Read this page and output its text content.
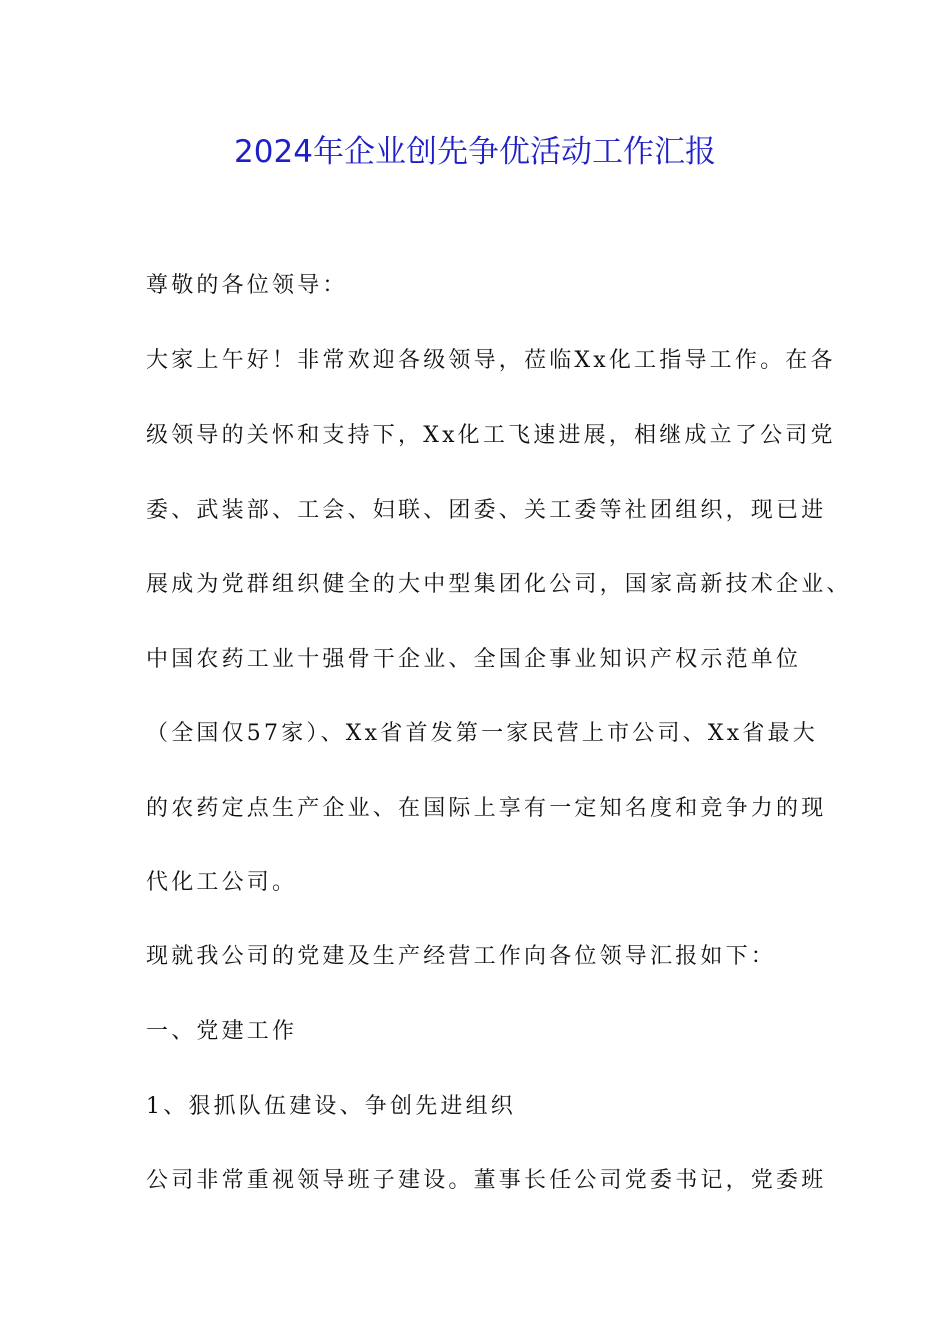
2024年企业创先争优活动工作汇报
尊敬的各位领导：
大家上午好！非常欢迎各级领导，莅临Xx化工指导工作。在各
级领导的关怀和支持下，Xx化工飞速进展，相继成立了公司党
委、武装部、工会、妇联、团委、关工委等社团组织，现已进
展成为党群组织健全的大中型集团化公司，国家高新技术企业、
中国农药工业十强骨干企业、全国企事业知识产权示范单位
（全国仅57家）、Xx省首发第一家民营上市公司、Xx省最大
的农药定点生产企业、在国际上享有一定知名度和竞争力的现
代化工公司。
现就我公司的党建及生产经营工作向各位领导汇报如下：
一、党建工作
1、狠抓队伍建设、争创先进组织
公司非常重视领导班子建设。董事长任公司党委书记，党委班
